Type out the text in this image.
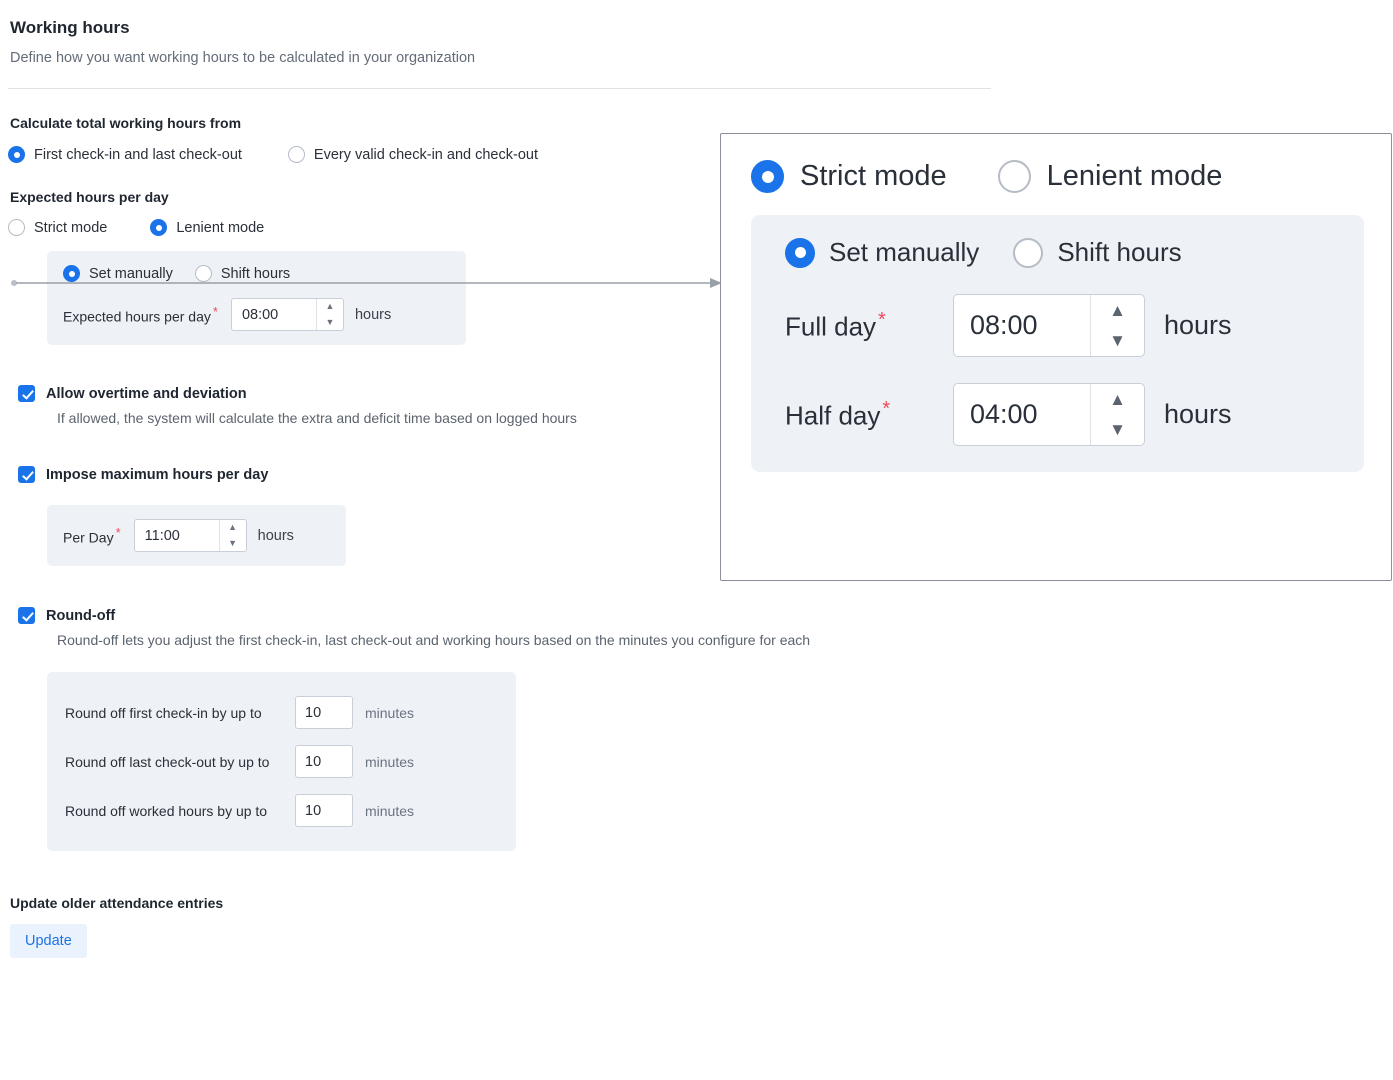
Working hours
Define how you want working hours to be calculated in your organization
Calculate total working hours from
First check-in and last check-out	Every valid check-in and check-out
Expected hours per day
Strict mode	Lenient mode
Set manually	Shift hours
Expected hours per day *
08:00	▲
▼	hours
Allow overtime and deviation
If allowed, the system will calculate the extra and deficit time based on logged hours
Impose maximum hours per day
Per Day *
11:00	▲
▼	hours
Round-off
Round-off lets you adjust the first check-in, last check-out and working hours based on the minutes you configure for each
Round off first check-in by up to
10	minutes
Round off last check-out by up to
10	minutes
Round off worked hours by up to
10	minutes
Update older attendance entries
Update
Strict mode	Lenient mode
Set manually	Shift hours
Full day *
08:00	▲
▼
hours
Half day *
04:00	▲
▼
hours
